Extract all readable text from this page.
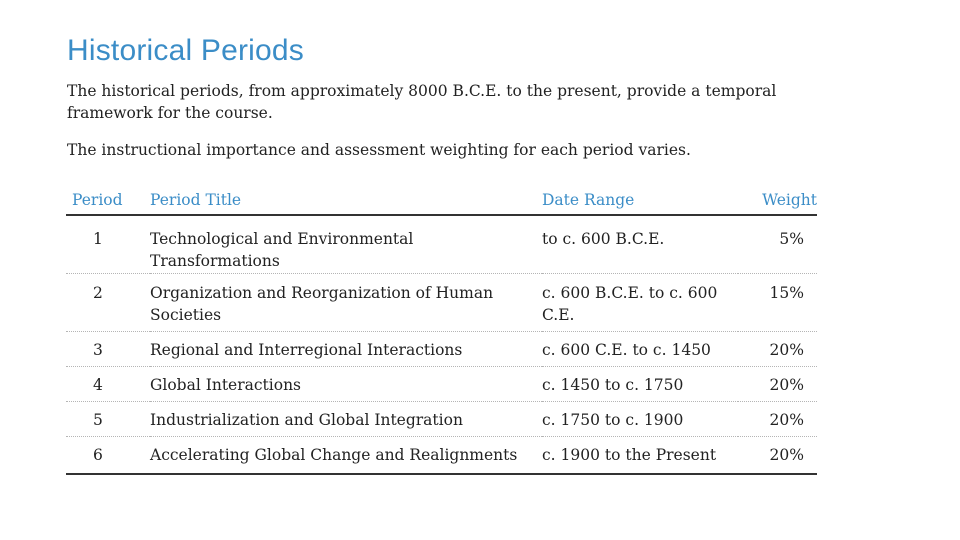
Historical Periods

The historical periods, from approximately 8000 B.C.E. to the present, provide a temporal framework for the course.

The instructional importance and assessment weighting for each period varies.

Period	Period Title	Date Range	Weight
1	Technological and Environmental Transformations	to c. 600 B.C.E.	5%
2	Organization and Reorganization of Human Societies	c. 600 B.C.E. to c. 600 C.E.	15%
3	Regional and Interregional Interactions	c. 600 C.E. to c. 1450	20%
4	Global Interactions	c. 1450 to c. 1750	20%
5	Industrialization and Global Integration	c. 1750 to c. 1900	20%
6	Accelerating Global Change and Realignments	c. 1900 to the Present	20%
